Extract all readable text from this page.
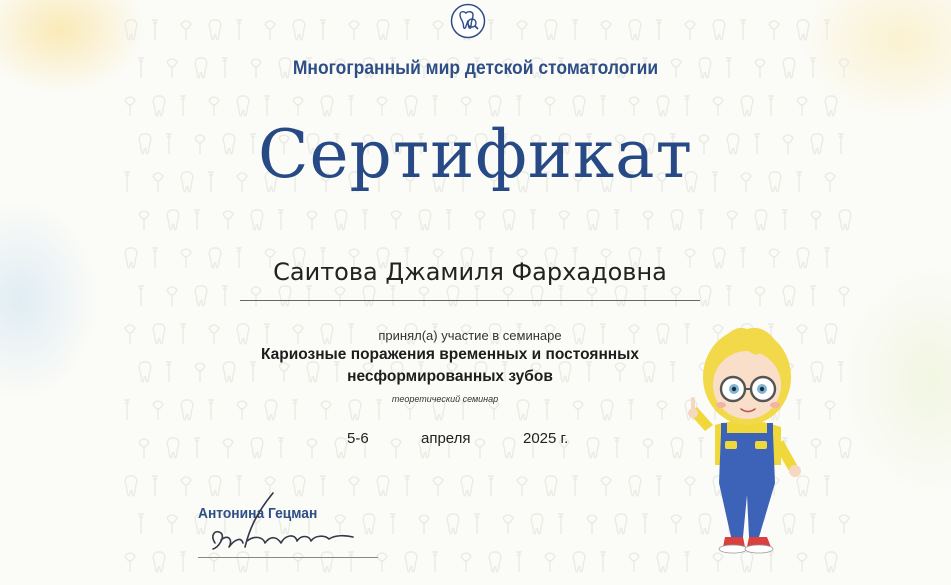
Многогранный мир детской стоматологии
Сертификат
Саитова Джамиля Фархадовна
принял(а) участие в семинаре
Кариозные поражения временных и постоянных
несформированных зубов
теоретический семинар
5-6	апреля	2025 г.
Антонина Гецман
